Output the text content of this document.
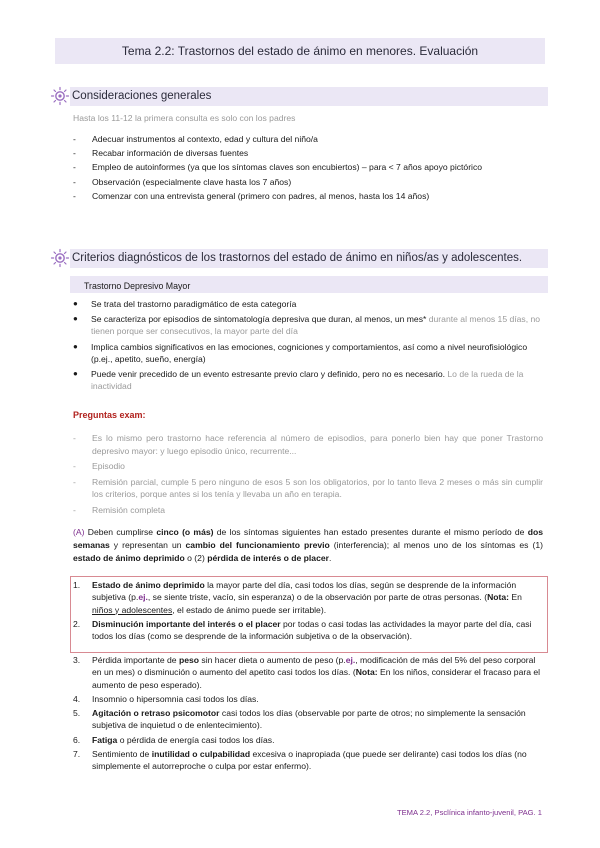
Tema 2.2: Trastornos del estado de ánimo en menores. Evaluación
Consideraciones generales
Hasta los 11-12 la primera consulta es solo con los padres
- Adecuar instrumentos al contexto, edad y cultura del niño/a
- Recabar información de diversas fuentes
- Empleo de autoinformes (ya que los síntomas claves son encubiertos) – para < 7 años apoyo pictórico
- Observación (especialmente clave hasta los 7 años)
- Comenzar con una entrevista general (primero con padres, al menos, hasta los 14 años)
Criterios diagnósticos de los trastornos del estado de ánimo en niños/as y adolescentes.
Trastorno Depresivo Mayor
● Se trata del trastorno paradigmático de esta categoría
● Se caracteriza por episodios de sintomatología depresiva que duran, al menos, un mes* durante al menos 15 días, no tienen porque ser consecutivos, la mayor parte del día
● Implica cambios significativos en las emociones, cogniciones y comportamientos, así como a nivel neurofisiológico (p.ej., apetito, sueño, energía)
● Puede venir precedido de un evento estresante previo claro y definido, pero no es necesario. Lo de la rueda de la inactividad
Preguntas exam:
- Es lo mismo pero trastorno hace referencia al número de episodios, para ponerlo bien hay que poner Trastorno depresivo mayor: y luego episodio único, recurrente...
- Episodio
- Remisión parcial, cumple 5 pero ninguno de esos 5 son los obligatorios, por lo tanto lleva 2 meses o más sin cumplir los criterios, porque antes si los tenía y llevaba un año en terapia.
- Remisión completa
(A) Deben cumplirse cinco (o más) de los síntomas siguientes han estado presentes durante el mismo período de dos semanas y representan un cambio del funcionamiento previo (interferencia); al menos uno de los síntomas es (1) estado de ánimo deprimido o (2) pérdida de interés o de placer.
1. Estado de ánimo deprimido la mayor parte del día, casi todos los días, según se desprende de la información subjetiva (p.ej., se siente triste, vacío, sin esperanza) o de la observación por parte de otras personas. (Nota: En niños y adolescentes, el estado de ánimo puede ser irritable).
2. Disminución importante del interés o el placer por todas o casi todas las actividades la mayor parte del día, casi todos los días (como se desprende de la información subjetiva o de la observación).
3. Pérdida importante de peso sin hacer dieta o aumento de peso (p.ej., modificación de más del 5% del peso corporal en un mes) o disminución o aumento del apetito casi todos los días. (Nota: En los niños, considerar el fracaso para el aumento de peso esperado).
4. Insomnio o hipersomnia casi todos los días.
5. Agitación o retraso psicomotor casi todos los días (observable por parte de otros; no simplemente la sensación subjetiva de inquietud o de enlentecimiento).
6. Fatiga o pérdida de energía casi todos los días.
7. Sentimiento de inutilidad o culpabilidad excesiva o inapropiada (que puede ser delirante) casi todos los días (no simplemente el autorreproche o culpa por estar enfermo).
TEMA 2.2, Psclínica infanto-juvenil, PAG. 1
